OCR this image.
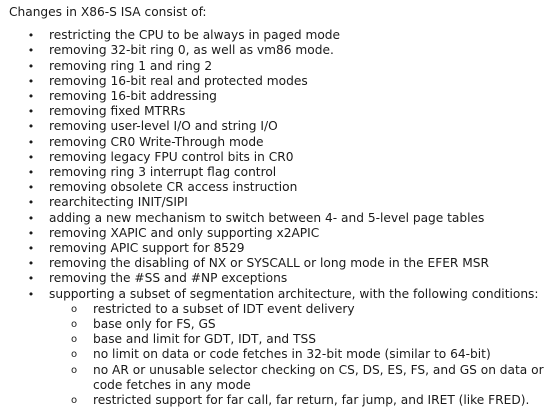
Changes in X86-S ISA consist of:
• restricting the CPU to be always in paged mode
• removing 32-bit ring 0, as well as vm86 mode.
• removing ring 1 and ring 2
• removing 16-bit real and protected modes
• removing 16-bit addressing
• removing fixed MTRRs
• removing user-level I/O and string I/O
• removing CR0 Write-Through mode
• removing legacy FPU control bits in CR0
• removing ring 3 interrupt flag control
• removing obsolete CR access instruction
• rearchitecting INIT/SIPI
• adding a new mechanism to switch between 4- and 5-level page tables
• removing XAPIC and only supporting x2APIC
• removing APIC support for 8529
• removing the disabling of NX or SYSCALL or long mode in the EFER MSR
• removing the #SS and #NP exceptions
• supporting a subset of segmentation architecture, with the following conditions:
o restricted to a subset of IDT event delivery
o base only for FS, GS
o base and limit for GDT, IDT, and TSS
o no limit on data or code fetches in 32-bit mode (similar to 64-bit)
o no AR or unusable selector checking on CS, DS, ES, FS, and GS on data or code fetches in any mode
o restricted support for far call, far return, far jump, and IRET (like FRED).
